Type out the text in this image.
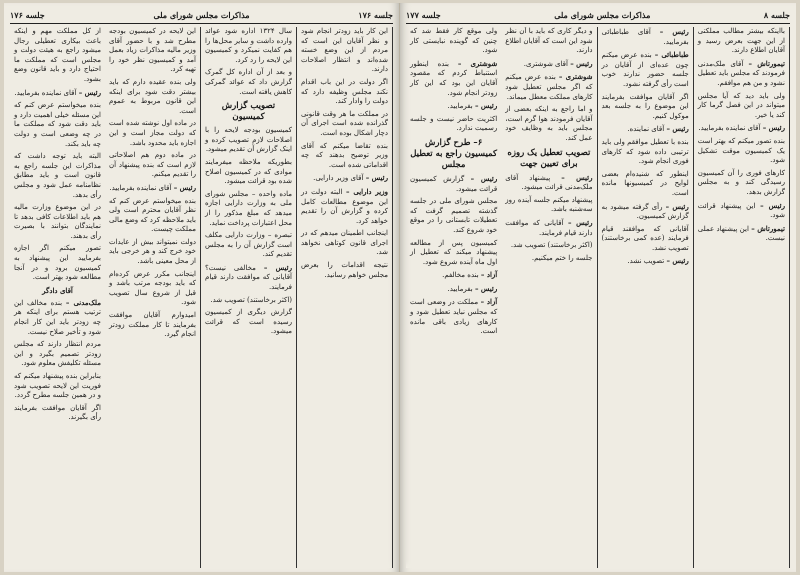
جلسه ۱۷۶	مذاکرات مجلس شورای ملی	جلسه ۱۷۶

از کل مملکت مهم و اینکه باعث بیکاری تعطیلی رجال میشود راجع به هیئت دولت و مجلس است که مملکت ما احتیاج دارد و باید قانون وضع بشود.

رئیس – آقای نماینده بفرمایید.

بنده میخواستم عرض کنم که این مسئله خیلی اهمیت دارد و باید دقت شود که مملکت ما در چه وضعی است و دولت چه باید بکند.

البته باید توجه داشت که مذاکرات این جلسه راجع به قانون است و باید مطابق نظامنامه عمل شود و مجلس رأی بدهد.

در این موضوع وزارت مالیه هم باید اطلاعات کافی بدهد تا نمایندگان بتوانند با بصیرت رأی بدهند.

تصور میکنم اگر اجازه بفرمایید این پیشنهاد به کمیسیون برود و در آنجا مطالعه شود بهتر است.

آقای دادگر

ملک‌مدنی – بنده مخالف این ترتیب هستم برای اینکه هر چه زودتر باید این کار انجام شود و تأخیر صلاح نیست.

مردم انتظار دارند که مجلس زودتر تصمیم بگیرد و این مسئله تکلیفش معلوم شود.

بنابراین بنده پیشنهاد میکنم که فوریت این لایحه تصویب شود و در همین جلسه مطرح گردد.

اگر آقایان موافقت بفرمایند رأی بگیرند.

این لایحه در کمیسیون بودجه مطرح شد و با حضور آقای وزیر مالیه مذاکرات زیاد بعمل آمد و کمیسیون نظر خود را تهیه کرد.

ولی بنده عقیده دارم که باید بیشتر دقت شود برای اینکه این قانون مربوط به عموم است.

در ماده اول نوشته شده است که دولت مجاز است و این اجازه باید محدود باشد.

در ماده دوم هم اصلاحاتی لازم است که بنده پیشنهاد آن را تقدیم میکنم.

رئیس – آقای نماینده بفرمایید.

بنده میخواستم عرض کنم که نظر آقایان محترم است ولی باید ملاحظه کرد که وضع مالی مملکت چیست.

دولت نمیتواند بیش از عایدات خود خرج کند و هر خرجی باید از محل معینی باشد.

اینجانب مکرر عرض کرده‌ام که باید بودجه مرتب باشد و قبل از شروع سال تصویب شود.

امیدوارم آقایان موافقت بفرمایند تا کار مملکت زودتر انجام گیرد.

سال ۱۳۲۴ اداره شود عوائد وارده داشت و سایر محل‌ها را هم کفایت نمیکرد و کمیسیون این لایحه را رد کرد.

و بعد از آن اداره کل گمرک گزارش داد که عوائد گمرکی کاهش یافته است.

تصویب گزارش کمیسیون

کمیسیون بودجه لایحه را با اصلاحات لازم تصویب کرده و اینک گزارش آن تقدیم میشود.

بطوریکه ملاحظه میفرمایند موادی که در کمیسیون اصلاح شده بود قرائت میشود.

ماده واحده – مجلس شورای ملی به وزارت دارایی اجازه میدهد که مبلغ مذکور را از محل اعتبارات پرداخت نماید.

تبصره – وزارت دارایی مکلف است گزارش آن را به مجلس تقدیم کند.

رئیس – مخالفی نیست؟ آقایانی که موافقت دارند قیام فرمایند.

(اکثر برخاستند) تصویب شد.

گزارش دیگری از کمیسیون رسیده است که قرائت میشود.

این کار باید زودتر انجام شود و نظر آقایان این است که مردم از این وضع خسته شده‌اند و انتظار اصلاحات دارند.

اگر دولت در این باب اقدام نکند مجلس وظیفه دارد که دولت را وادار کند.

در مملکت ما هر وقت قانونی گذرانده شده است اجرای آن دچار اشکال بوده است.

بنده تقاضا میکنم که آقای وزیر توضیح بدهند که چه اقداماتی شده است.

رئیس – آقای وزیر دارایی.

وزیر دارایی – البته دولت در این موضوع مطالعات کامل کرده و گزارش آن را تقدیم خواهد کرد.

اینجانب اطمینان میدهم که در اجرای قانون کوتاهی نخواهد شد.

نتیجه اقدامات را بعرض مجلس خواهم رسانید.

جلسه ۱۷۷	مذاکرات مجلس شورای ملی	جلسه ۸

ولی موقع کار فقط شد که چنین که گوینده نبایستی کار شود.

شوشتری – بنده اینطور استنباط کردم که مقصود آقایان این بود که این کار زودتر انجام شود.

رئیس – بفرمایید.

اکثریت حاضر نیست و جلسه رسمیت ندارد.

۶– طرح گزارش کمیسیون راجع به تعطیل مجلس

رئیس – گزارش کمیسیون قرائت میشود.

مجلس شورای ملی در جلسه گذشته تصمیم گرفت که تعطیلات تابستانی را در موقع خود شروع کند.

کمیسیون پس از مطالعه پیشنهاد میکند که تعطیل از اول ماه آینده شروع شود.

آزاد – بنده مخالفم.

رئیس – بفرمایید.

آزاد – مملکت در وضعی است که مجلس نباید تعطیل شود و کارهای زیادی باقی مانده است.

و دیگر کاری که باید با آن نظر شود این است که آقایان اطلاع دارند.

رئیس – آقای شوشتری.

شوشتری – بنده عرض میکنم که اگر مجلس تعطیل شود کارهای مملکت معطل میماند.

و اما راجع به اینکه بعضی از آقایان فرمودند هوا گرم است، مجلس باید به وظایف خود عمل کند.

تصویب تعطیل یک روزه برای تعیین جهت

رئیس – پیشنهاد آقای ملک‌مدنی قرائت میشود.

پیشنهاد میکنم جلسه آینده روز سه‌شنبه باشد.

رئیس – آقایانی که موافقت دارند قیام فرمایند.

(اکثر برخاستند) تصویب شد.

جلسه را ختم میکنیم.

رئیس – آقای طباطبائی بفرمایید.

طباطبائی – بنده عرض میکنم چون عده‌ای از آقایان در جلسه حضور ندارند خوب است رأی گرفته نشود.

اگر آقایان موافقت بفرمایند این موضوع را به جلسه بعد موکول کنیم.

رئیس – آقای نماینده.

بنده با تعطیل موافقم ولی باید ترتیبی داده شود که کارهای فوری انجام شود.

اینطور که شنیده‌ام بعضی لوایح در کمیسیونها مانده است.

رئیس – رأی گرفته میشود به گزارش کمیسیون.

آقایانی که موافقند قیام فرمایند (عده کمی برخاستند) تصویب نشد.

رئیس – تصویب نشد.

بااینکه بیشتر مطالب مملکتی از این جهت بعرض رسید و آقایان اطلاع دارند.

تیمورتاش – آقای ملک‌مدنی فرمودند که مجلس باید تعطیل نشود و من هم موافقم.

ولی باید دید که آیا مجلس میتواند در این فصل گرما کار کند یا خیر.

رئیس – آقای نماینده بفرمایید.

بنده تصور میکنم که بهتر است یک کمیسیون موقت تشکیل شود.

کارهای فوری را آن کمیسیون رسیدگی کند و به مجلس گزارش بدهد.

رئیس – این پیشنهاد قرائت شود.

تیمورتاش – این پیشنهاد عملی نیست.
